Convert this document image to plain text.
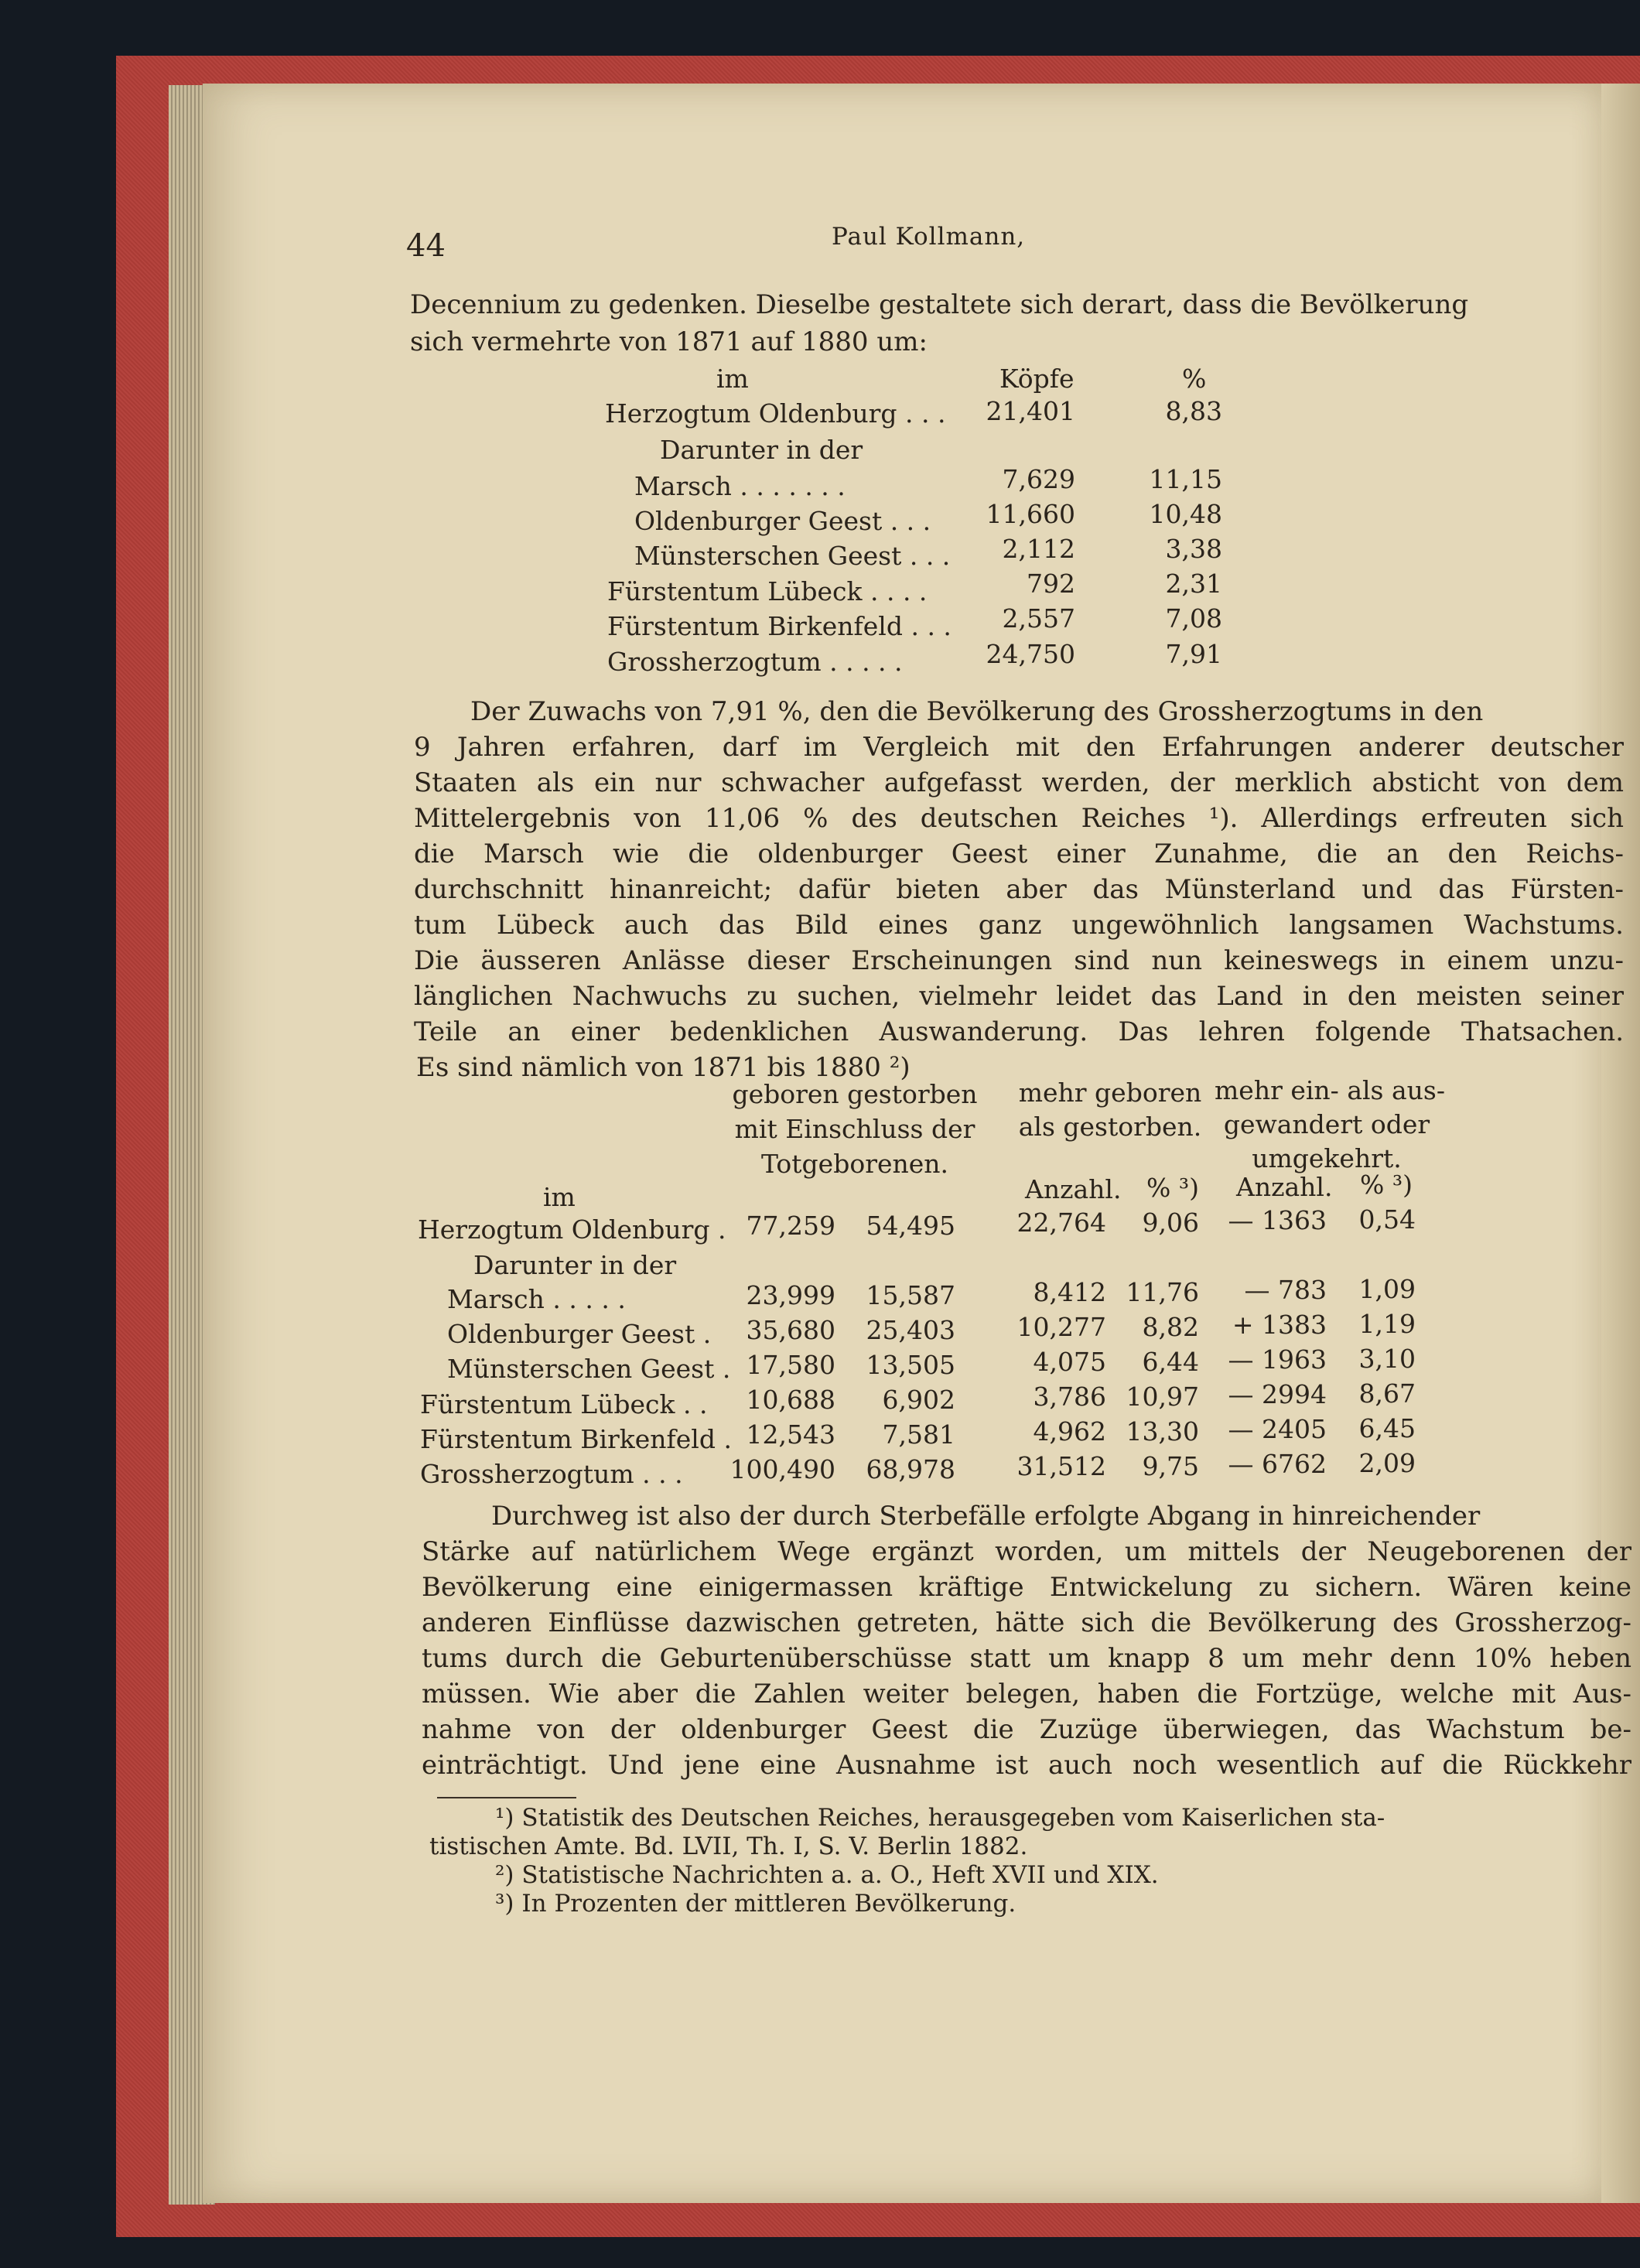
44	Paul Kollmann,
Decennium zu gedenken. Dieselbe gestaltete sich derart, dass die Bevölkerung
sich vermehrte von 1871 auf 1880 um:
im	Köpfe	%
Herzogtum Oldenburg . . .	21,401	8,83
Darunter in der
Marsch . . . . . . .	7,629	11,15
Oldenburger Geest . . .	11,660	10,48
Münsterschen Geest . . .	2,112	3,38
Fürstentum Lübeck . . . .	792	2,31
Fürstentum Birkenfeld . . .	2,557	7,08
Grossherzogtum . . . . .	24,750	7,91
Der Zuwachs von 7,91 %, den die Bevölkerung des Grossherzogtums in den
9 Jahren erfahren, darf im Vergleich mit den Erfahrungen anderer deutscher
Staaten als ein nur schwacher aufgefasst werden, der merklich absticht von dem
Mittelergebnis von 11,06 % des deutschen Reiches ¹). Allerdings erfreuten sich
die Marsch wie die oldenburger Geest einer Zunahme, die an den Reichs-
durchschnitt hinanreicht; dafür bieten aber das Münsterland und das Fürsten-
tum Lübeck auch das Bild eines ganz ungewöhnlich langsamen Wachstums.
Die äusseren Anlässe dieser Erscheinungen sind nun keineswegs in einem unzu-
länglichen Nachwuchs zu suchen, vielmehr leidet das Land in den meisten seiner
Teile an einer bedenklichen Auswanderung. Das lehren folgende Thatsachen.
Es sind nämlich von 1871 bis 1880 ²)
geboren gestorben
mit Einschluss der
Totgeborenen.
mehr geboren
als gestorben.
mehr ein- als aus-
gewandert oder
umgekehrt.
im	Anzahl. % ³) Anzahl. % ³)
Herzogtum Oldenburg . 77,259	54,495	22,764	9,06	— 1363	0,54
Darunter in der
Marsch . . . . .	23,999	15,587	8,412 11,76	— 783	1,09
Oldenburger Geest .	35,680	25,403	10,277	8,82	+ 1383	1,19
Münsterschen Geest . 17,580	13,505	4,075	6,44	— 1963	3,10
Fürstentum Lübeck . .	10,688	6,902	3,786 10,97	— 2994	8,67
Fürstentum Birkenfeld . 12,543	7,581	4,962 13,30	— 2405	6,45
Grossherzogtum . . . 100,490	68,978	31,512	9,75	— 6762	2,09
Durchweg ist also der durch Sterbefälle erfolgte Abgang in hinreichender
Stärke auf natürlichem Wege ergänzt worden, um mittels der Neugeborenen der
Bevölkerung eine einigermassen kräftige Entwickelung zu sichern. Wären keine
anderen Einflüsse dazwischen getreten, hätte sich die Bevölkerung des Grossherzog-
tums durch die Geburtenüberschüsse statt um knapp 8 um mehr denn 10% heben
müssen. Wie aber die Zahlen weiter belegen, haben die Fortzüge, welche mit Aus-
nahme von der oldenburger Geest die Zuzüge überwiegen, das Wachstum be-
einträchtigt. Und jene eine Ausnahme ist auch noch wesentlich auf die Rückkehr
¹) Statistik des Deutschen Reiches, herausgegeben vom Kaiserlichen sta-
tistischen Amte. Bd. LVII, Th. I, S. V. Berlin 1882.
²) Statistische Nachrichten a. a. O., Heft XVII und XIX.
³) In Prozenten der mittleren Bevölkerung.
